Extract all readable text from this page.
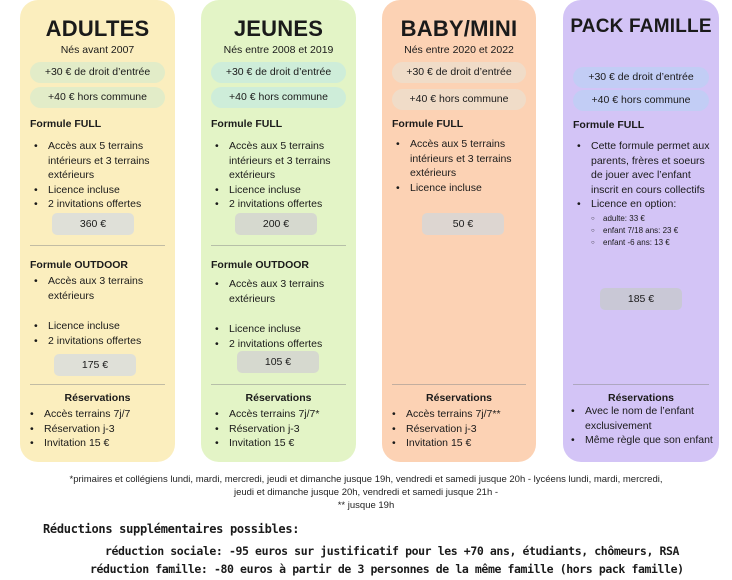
ADULTES
Nés avant 2007
+30 € de droit d’entrée
+40 € hors commune
Formule FULL
• Accès aux 5 terrains intérieurs et 3 terrains extérieurs
• Licence incluse
• 2 invitations offertes
360 €
Formule OUTDOOR
• Accès aux 3 terrains extérieurs
• Licence incluse
• 2 invitations offertes
175 €
Réservations
• Accès terrains 7j/7
• Réservation j-3
• Invitation 15 €
JEUNES
Nés entre 2008 et 2019
+30 € de droit d’entrée
+40 € hors commune
Formule FULL
• Accès aux 5 terrains intérieurs et 3 terrains extérieurs
• Licence incluse
• 2 invitations offertes
200 €
Formule OUTDOOR
• Accès aux 3 terrains extérieurs
• Licence incluse
• 2 invitations offertes
105 €
Réservations
• Accès terrains 7j/7*
• Réservation j-3
• Invitation 15 €
BABY/MINI
Nés entre 2020 et 2022
+30 € de droit d’entrée
+40 € hors commune
Formule FULL
• Accès aux 5 terrains intérieurs et 3 terrains extérieurs
• Licence incluse
50 €
Réservations
• Accès terrains 7j/7**
• Réservation j-3
• Invitation 15 €
PACK FAMILLE
+30 € de droit d’entrée
+40 € hors commune
Formule FULL
• Cette formule permet aux parents, frères et soeurs de jouer avec l’enfant inscrit en cours collectifs
• Licence en option:
○ adulte: 33 €
○ enfant 7/18 ans: 23 €
○ enfant -6 ans: 13 €
185 €
Réservations
• Avec le nom de l’enfant exclusivement
• Même règle que son enfant
*primaires et collégiens lundi, mardi, mercredi, jeudi et dimanche jusque 19h, vendredi et samedi jusque 20h - lycéens lundi, mardi, mercredi,
jeudi et dimanche jusque 20h, vendredi et samedi jusque 21h -
** jusque 19h
Réductions supplémentaires possibles:
réduction sociale: -95 euros sur justificatif pour les +70 ans, étudiants, chômeurs, RSA
réduction famille: -80 euros à partir de 3 personnes de la même famille (hors pack famille)
